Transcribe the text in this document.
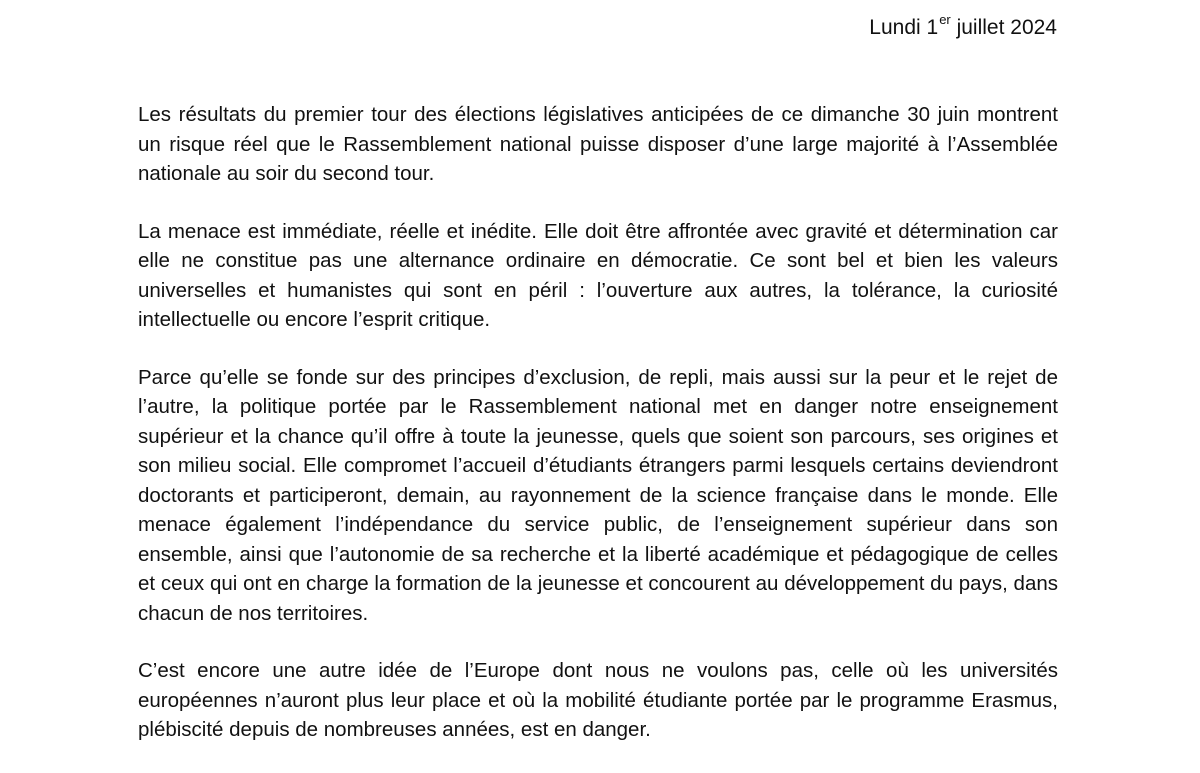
Lundi 1er juillet 2024

Les résultats du premier tour des élections législatives anticipées de ce dimanche 30 juin montrent un risque réel que le Rassemblement national puisse disposer d’une large majorité à l’Assemblée nationale au soir du second tour.

La menace est immédiate, réelle et inédite. Elle doit être affrontée avec gravité et détermination car elle ne constitue pas une alternance ordinaire en démocratie. Ce sont bel et bien les valeurs universelles et humanistes qui sont en péril : l’ouverture aux autres, la tolérance, la curiosité intellectuelle ou encore l’esprit critique.

Parce qu’elle se fonde sur des principes d’exclusion, de repli, mais aussi sur la peur et le rejet de l’autre, la politique portée par le Rassemblement national met en danger notre enseignement supérieur et la chance qu’il offre à toute la jeunesse, quels que soient son parcours, ses origines et son milieu social. Elle compromet l’accueil d’étudiants étrangers parmi lesquels certains deviendront doctorants et participeront, demain, au rayonnement de la science française dans le monde. Elle menace également l’indépendance du service public, de l’enseignement supérieur dans son ensemble, ainsi que l’autonomie de sa recherche et la liberté académique et pédagogique de celles et ceux qui ont en charge la formation de la jeunesse et concourent au développement du pays, dans chacun de nos territoires.

C’est encore une autre idée de l’Europe dont nous ne voulons pas, celle où les universités européennes n’auront plus leur place et où la mobilité étudiante portée par le programme Erasmus, plébiscité depuis de nombreuses années, est en danger.
